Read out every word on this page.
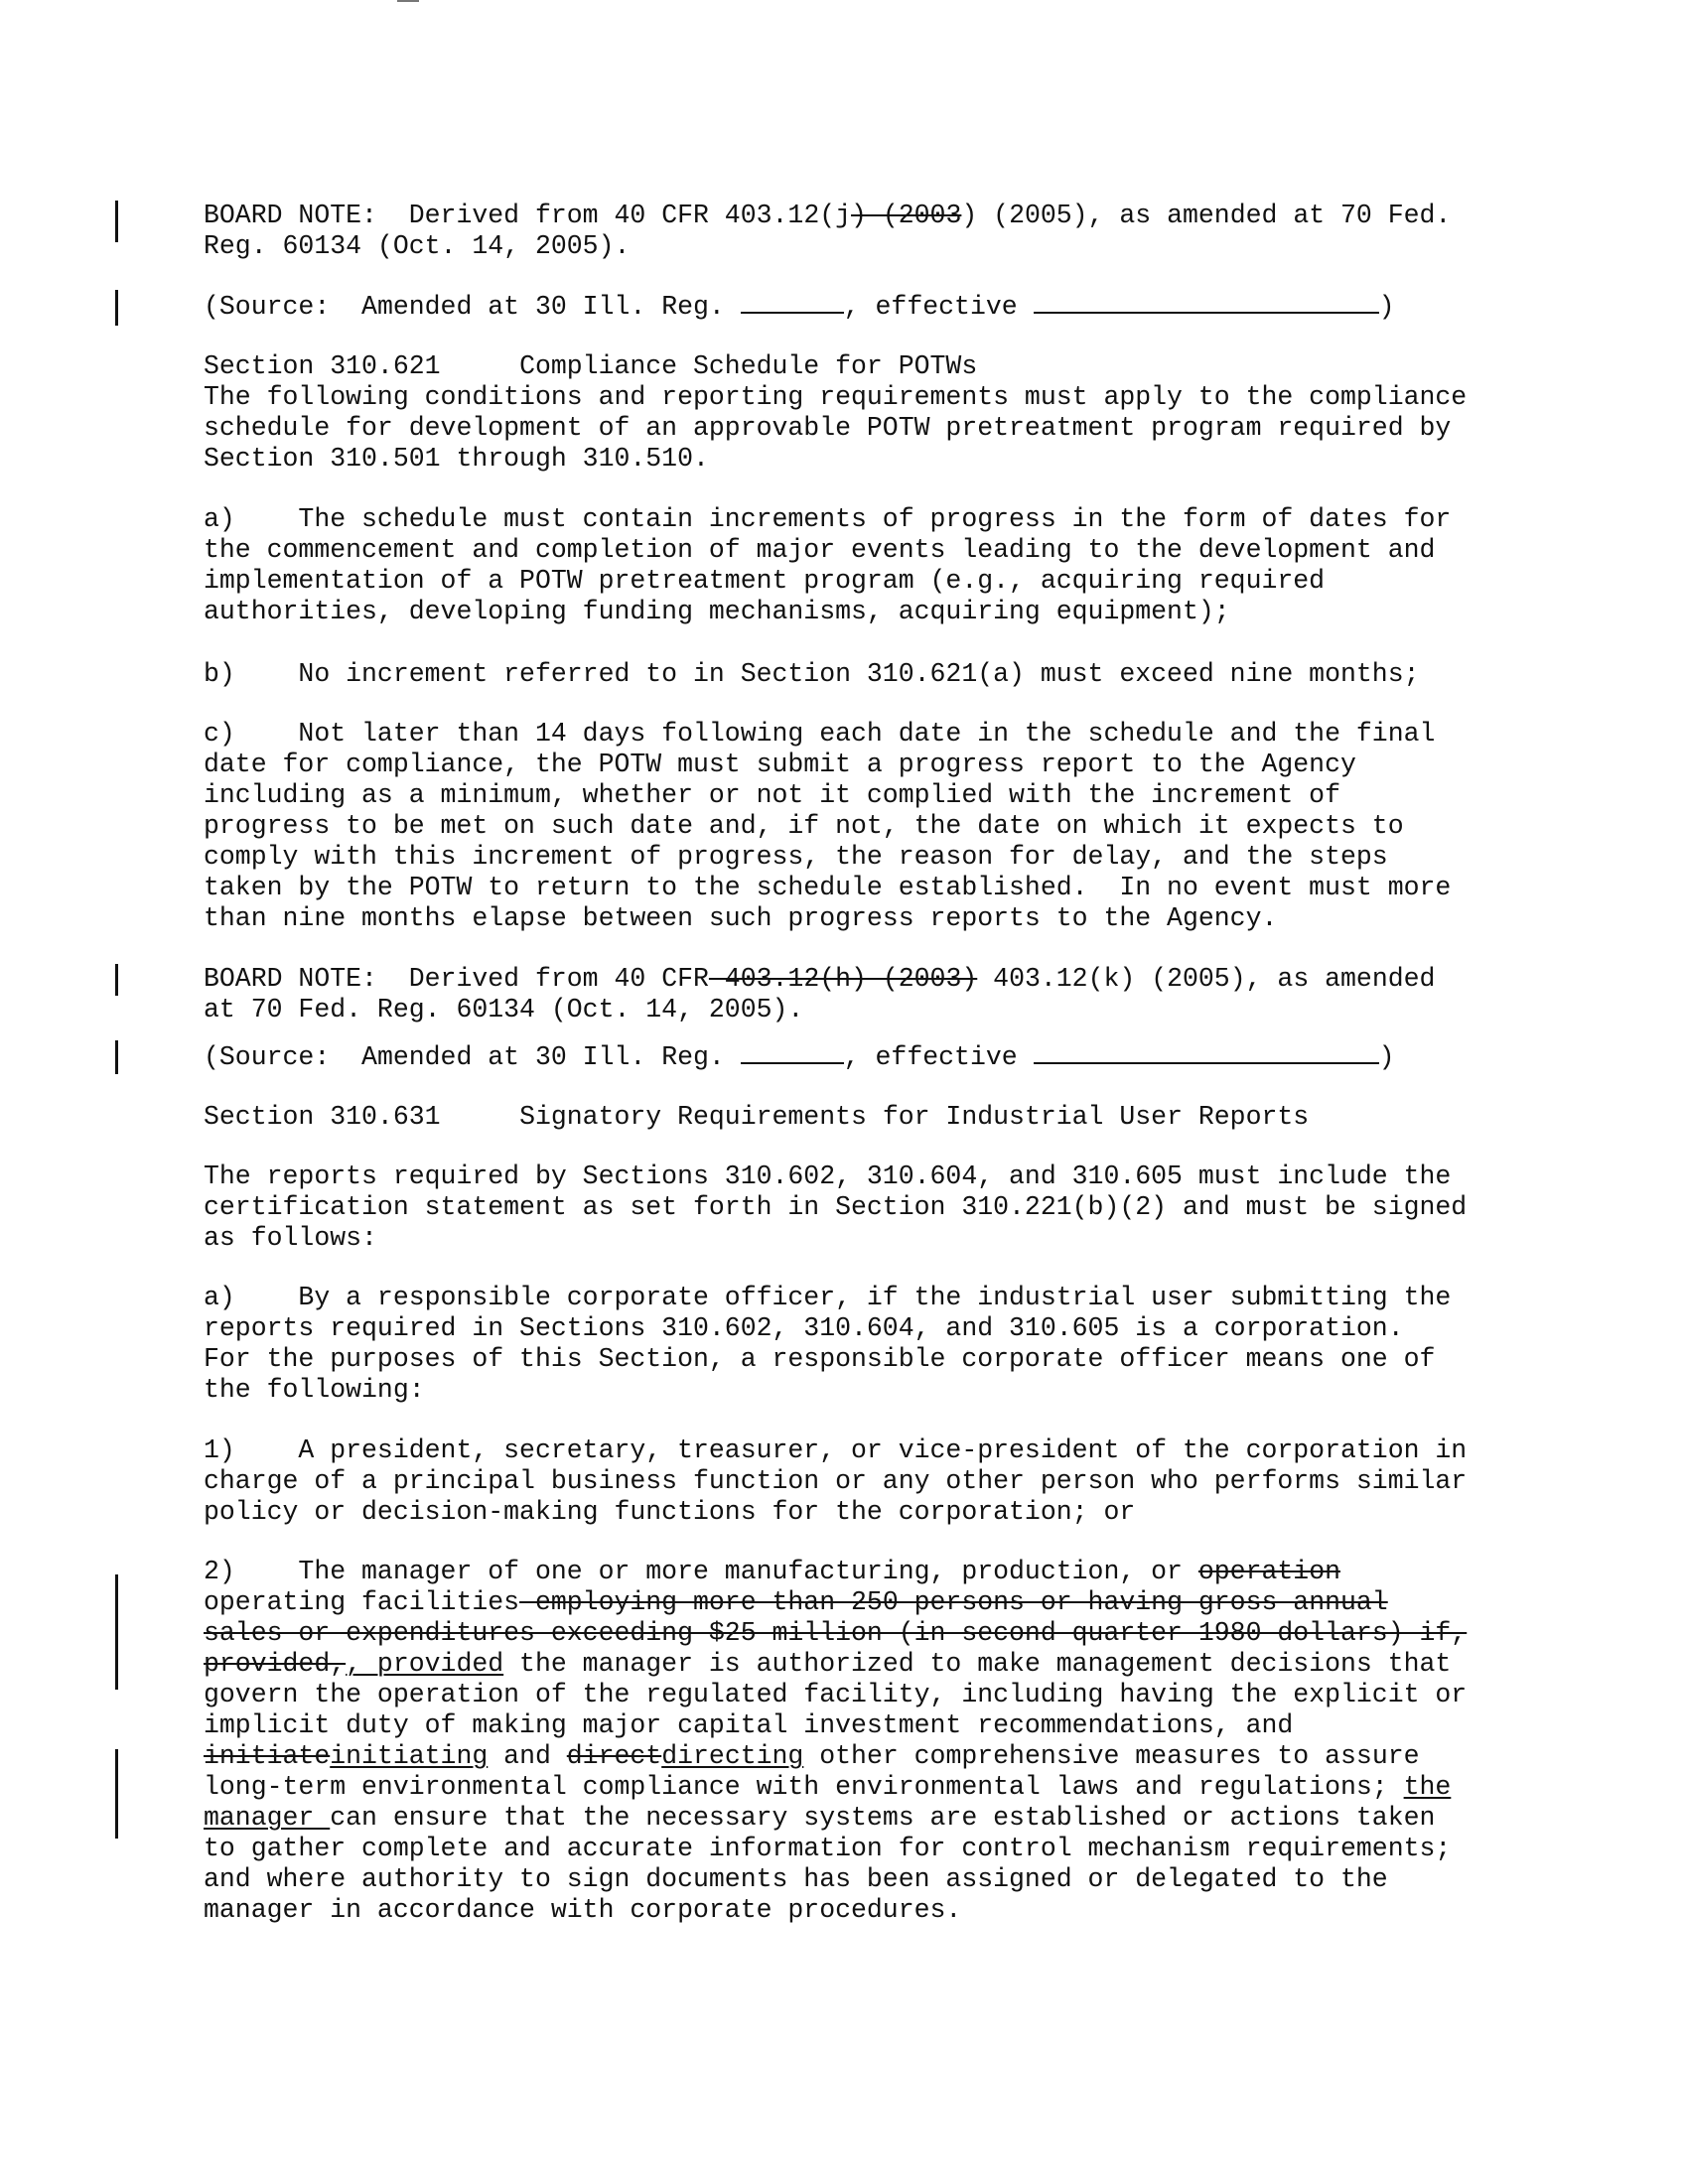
BOARD NOTE: Derived from 40 CFR 403.12(j) (2003) (2005), as amended at 70 Fed.

Reg. 60134 (Oct. 14, 2005).

(Source: Amended at 30 Ill. Reg.	, effective	)

Section 310.621	Compliance Schedule for POTWs

The following conditions and reporting requirements must apply to the compliance

schedule for development of an approvable POTW pretreatment program required by

Section 310.501 through 310.510.

a)    The schedule must contain increments of progress in the form of dates for

the commencement and completion of major events leading to the development and

implementation of a POTW pretreatment program (e.g., acquiring required

authorities, developing funding mechanisms, acquiring equipment);

b)    No increment referred to in Section 310.621(a) must exceed nine months;

c)    Not later than 14 days following each date in the schedule and the final

date for compliance, the POTW must submit a progress report to the Agency

including as a minimum, whether or not it complied with the increment of

progress to be met on such date and, if not, the date on which it expects to

comply with this increment of progress, the reason for delay, and the steps

taken by the POTW to return to the schedule established.  In no event must more

than nine months elapse between such progress reports to the Agency.

BOARD NOTE: Derived from 40 CFR 403.12(h) (2003) 403.12(k) (2005), as amended

at 70 Fed. Reg. 60134 (Oct. 14, 2005).

(Source: Amended at 30 Ill. Reg.	, effective	)

Section 310.631	Signatory Requirements for Industrial User Reports

The reports required by Sections 310.602, 310.604, and 310.605 must include the

certification statement as set forth in Section 310.221(b)(2) and must be signed

as follows:

a)    By a responsible corporate officer, if the industrial user submitting the

reports required in Sections 310.602, 310.604, and 310.605 is a corporation.

For the purposes of this Section, a responsible corporate officer means one of

the following:

1)    A president, secretary, treasurer, or vice-president of the corporation in

charge of a principal business function or any other person who performs similar

policy or decision-making functions for the corporation; or

2)    The manager of one or more manufacturing, production, or operation

operating facilities employing more than 250 persons or having gross annual

sales or expenditures exceeding $25 million (in second quarter 1980 dollars) if,

provided,, provided the manager is authorized to make management decisions that

govern the operation of the regulated facility, including having the explicit or

implicit duty of making major capital investment recommendations, and

initiateinitiating and directdirecting other comprehensive measures to assure

long-term environmental compliance with environmental laws and regulations; the

manager can ensure that the necessary systems are established or actions taken

to gather complete and accurate information for control mechanism requirements;

and where authority to sign documents has been assigned or delegated to the

manager in accordance with corporate procedures.
